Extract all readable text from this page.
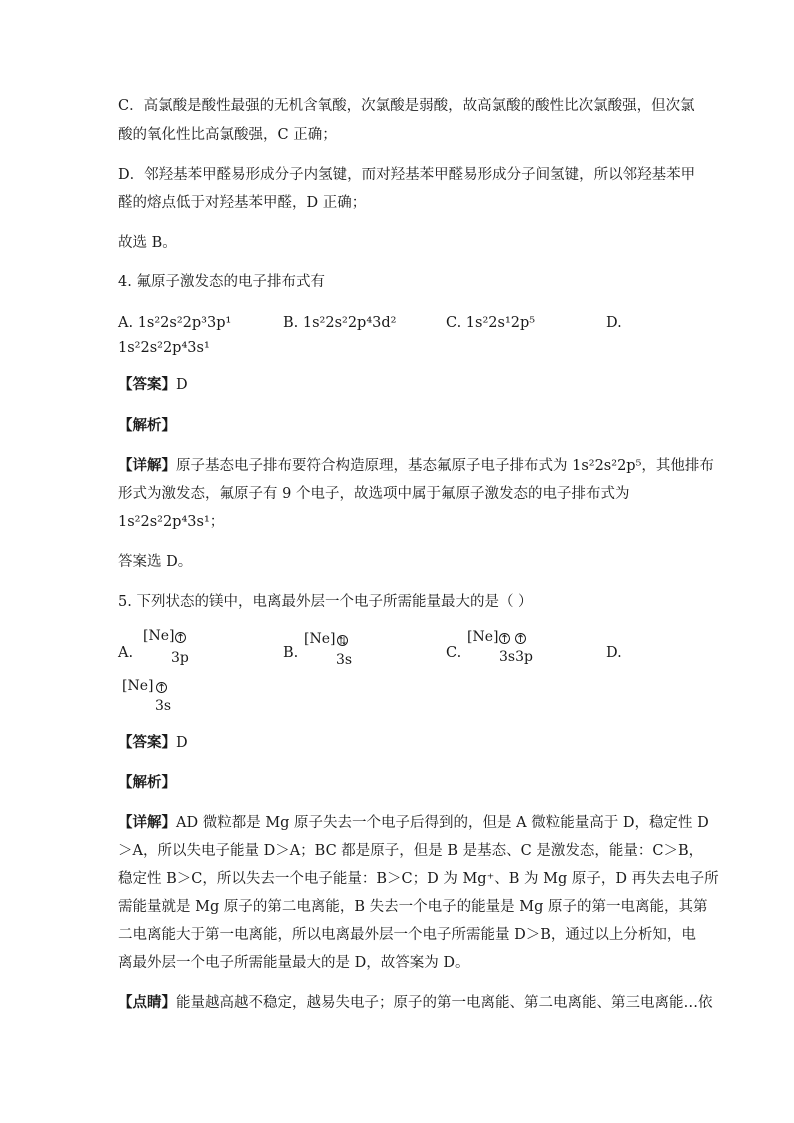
C．高氯酸是酸性最强的无机含氧酸，次氯酸是弱酸，故高氯酸的酸性比次氯酸强，但次氯
酸的氧化性比高氯酸强，C 正确；
D．邻羟基苯甲醛易形成分子内氢键，而对羟基苯甲醛易形成分子间氢键，所以邻羟基苯甲
醛的熔点低于对羟基苯甲醛，D 正确；
故选 B。
4. 氟原子激发态的电子排布式有
A. 1s²2s²2p³3p¹	B. 1s²2s²2p⁴3d²	C. 1s²2s¹2p⁵	D.
1s²2s²2p⁴3s¹
【答案】D
【解析】
【详解】原子基态电子排布要符合构造原理，基态氟原子电子排布式为 1s²2s²2p⁵，其他排布
形式为激发态，氟原子有 9 个电子，故选项中属于氟原子激发态的电子排布式为
1s²2s²2p⁴3s¹；
答案选 D。
5. 下列状态的镁中，电离最外层一个电子所需能量最大的是（ ）
A.
[Ne]
3p	B.
[Ne]
3s	C.
[Ne]
3s3p	D.
[Ne]
3s
【答案】D
【解析】
【详解】AD 微粒都是 Mg 原子失去一个电子后得到的，但是 A 微粒能量高于 D，稳定性 D
＞A，所以失电子能量 D＞A；BC 都是原子，但是 B 是基态、C 是激发态，能量：C＞B，
稳定性 B＞C，所以失去一个电子能量：B＞C；D 为 Mg⁺、B 为 Mg 原子，D 再失去电子所
需能量就是 Mg 原子的第二电离能，B 失去一个电子的能量是 Mg 原子的第一电离能，其第
二电离能大于第一电离能，所以电离最外层一个电子所需能量 D＞B，通过以上分析知，电
离最外层一个电子所需能量最大的是 D，故答案为 D。
【点睛】能量越高越不稳定，越易失电子；原子的第一电离能、第二电离能、第三电离能…依
